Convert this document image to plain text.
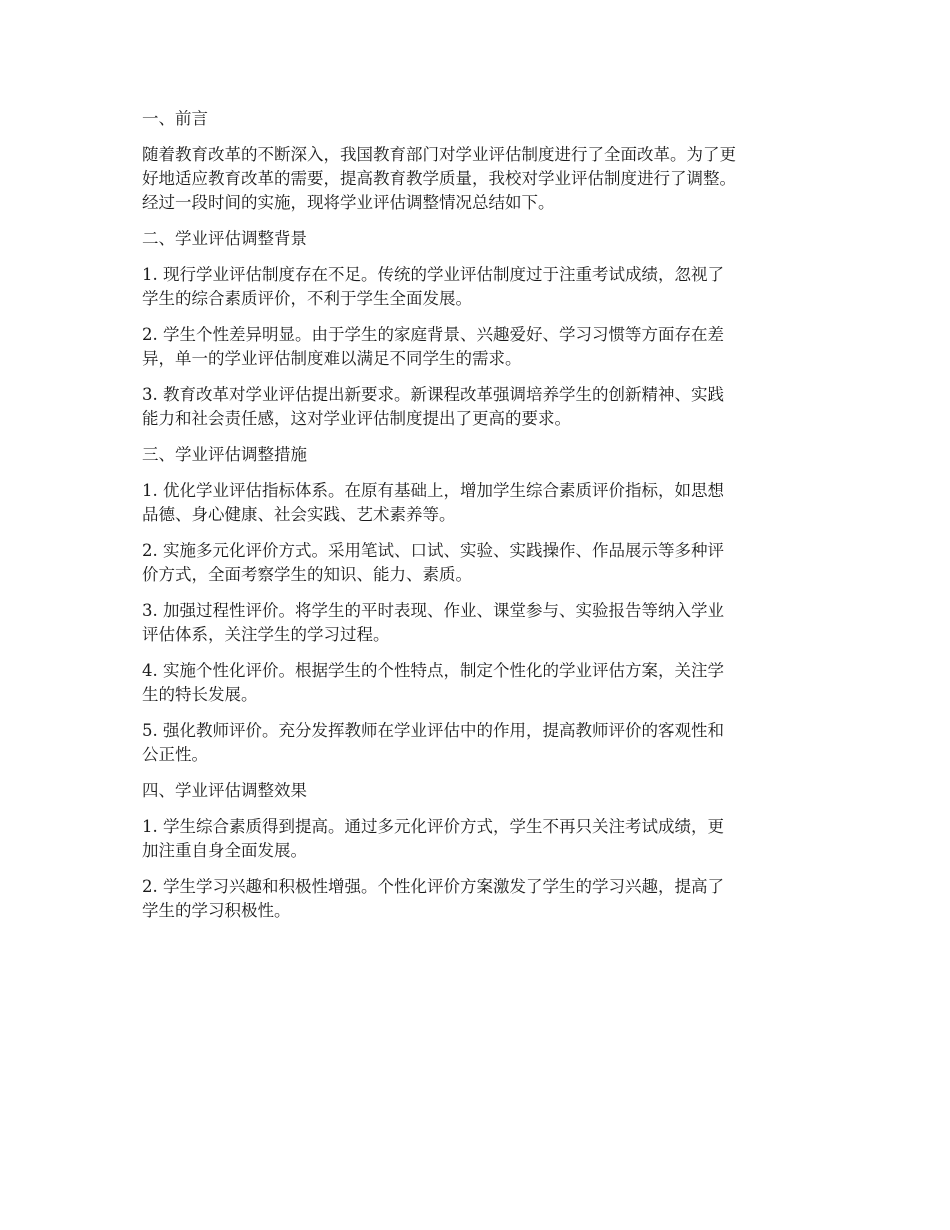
一、前言
随着教育改革的不断深入，我国教育部门对学业评估制度进行了全面改革。为了更
好地适应教育改革的需要，提高教育教学质量，我校对学业评估制度进行了调整。
经过一段时间的实施，现将学业评估调整情况总结如下。
二、学业评估调整背景
1. 现行学业评估制度存在不足。传统的学业评估制度过于注重考试成绩，忽视了
学生的综合素质评价，不利于学生全面发展。
2. 学生个性差异明显。由于学生的家庭背景、兴趣爱好、学习习惯等方面存在差
异，单一的学业评估制度难以满足不同学生的需求。
3. 教育改革对学业评估提出新要求。新课程改革强调培养学生的创新精神、实践
能力和社会责任感，这对学业评估制度提出了更高的要求。
三、学业评估调整措施
1. 优化学业评估指标体系。在原有基础上，增加学生综合素质评价指标，如思想
品德、身心健康、社会实践、艺术素养等。
2. 实施多元化评价方式。采用笔试、口试、实验、实践操作、作品展示等多种评
价方式，全面考察学生的知识、能力、素质。
3. 加强过程性评价。将学生的平时表现、作业、课堂参与、实验报告等纳入学业
评估体系，关注学生的学习过程。
4. 实施个性化评价。根据学生的个性特点，制定个性化的学业评估方案，关注学
生的特长发展。
5. 强化教师评价。充分发挥教师在学业评估中的作用，提高教师评价的客观性和
公正性。
四、学业评估调整效果
1. 学生综合素质得到提高。通过多元化评价方式，学生不再只关注考试成绩，更
加注重自身全面发展。
2. 学生学习兴趣和积极性增强。个性化评价方案激发了学生的学习兴趣，提高了
学生的学习积极性。
